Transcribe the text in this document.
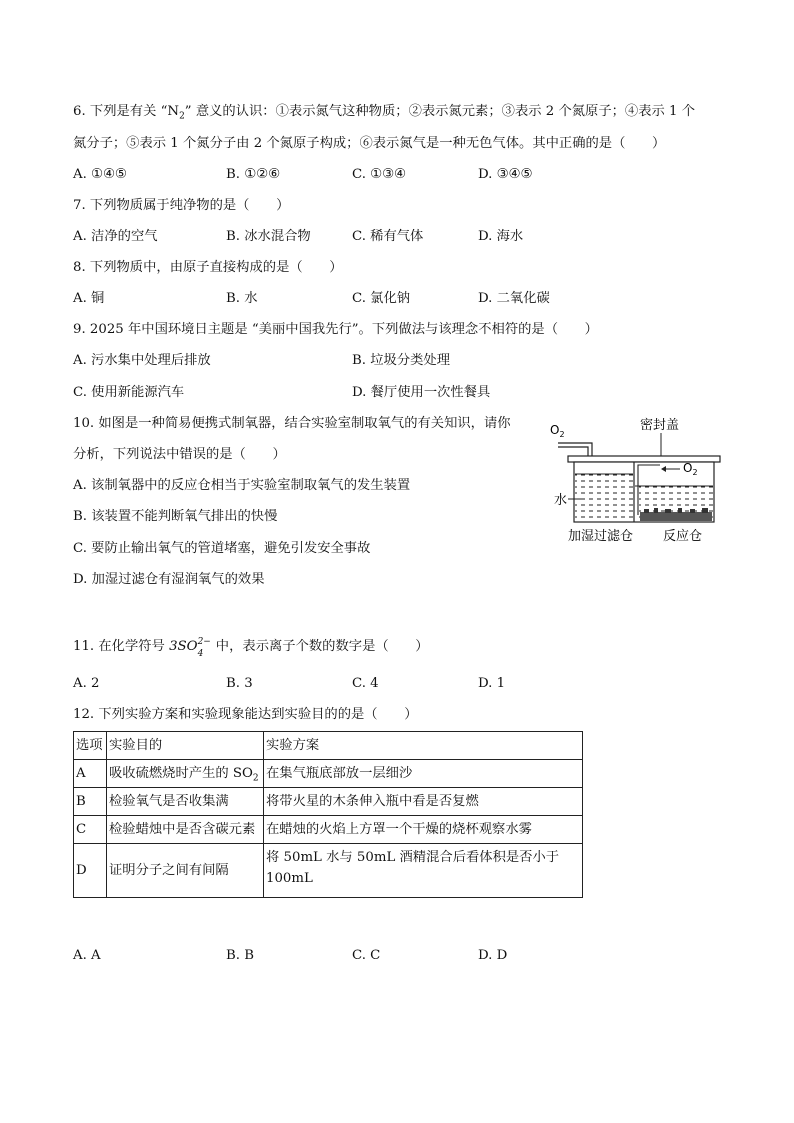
6. 下列是有关 “$N_2$” 意义的认识：①表示氮气这种物质；②表示氮元素；③表示 2 个氮原子；④表示 1 个
氮分子；⑤表示 1 个氮分子由 2 个氮原子构成；⑥表示氮气是一种无色气体。其中正确的是（　　）
A. ①④⑤	B. ①②⑥	C. ①③④	D. ③④⑤
7. 下列物质属于纯净物的是（　　）
A. 洁净的空气	B. 冰水混合物	C. 稀有气体	D. 海水
8. 下列物质中，由原子直接构成的是（　　）
A. 铜	B. 水	C. 氯化钠	D. 二氧化碳
9. 2025 年中国环境日主题是 “美丽中国我先行”。下列做法与该理念不相符的是（　　）
A. 污水集中处理后排放	B. 垃圾分类处理
C. 使用新能源汽车	D. 餐厅使用一次性餐具
10. 如图是一种简易便携式制氧器，结合实验室制取氧气的有关知识，请你
分析，下列说法中错误的是（　　）
A. 该制氧器中的反应仓相当于实验室制取氧气的发生装置
B. 该装置不能判断氧气排出的快慢
C. 要防止输出氧气的管道堵塞，避免引发安全事故
D. 加湿过滤仓有湿润氧气的效果
$O_2$
密封盖
$O_2$
水
加湿过滤仓 反应仓
11. 在化学符号 3SO 2−
4 中，表示离子个数的数字是（　　）
A. 2	B. 3	C. 4	D. 1
12. 下列实验方案和实验现象能达到实验目的的是（　　）
选项	实验目的	实验方案
A	吸收硫燃烧时产生的 $SO_2$	在集气瓶底部放一层细沙
B	检验氧气是否收集满	将带火星的木条伸入瓶中看是否复燃
C	检验蜡烛中是否含碳元素	在蜡烛的火焰上方罩一个干燥的烧杯观察水雾
D	证明分子之间有间隔	将 50mL 水与 50mL 酒精混合后看体积是否小于
100mL
A. A	B. B	C. C	D. D
